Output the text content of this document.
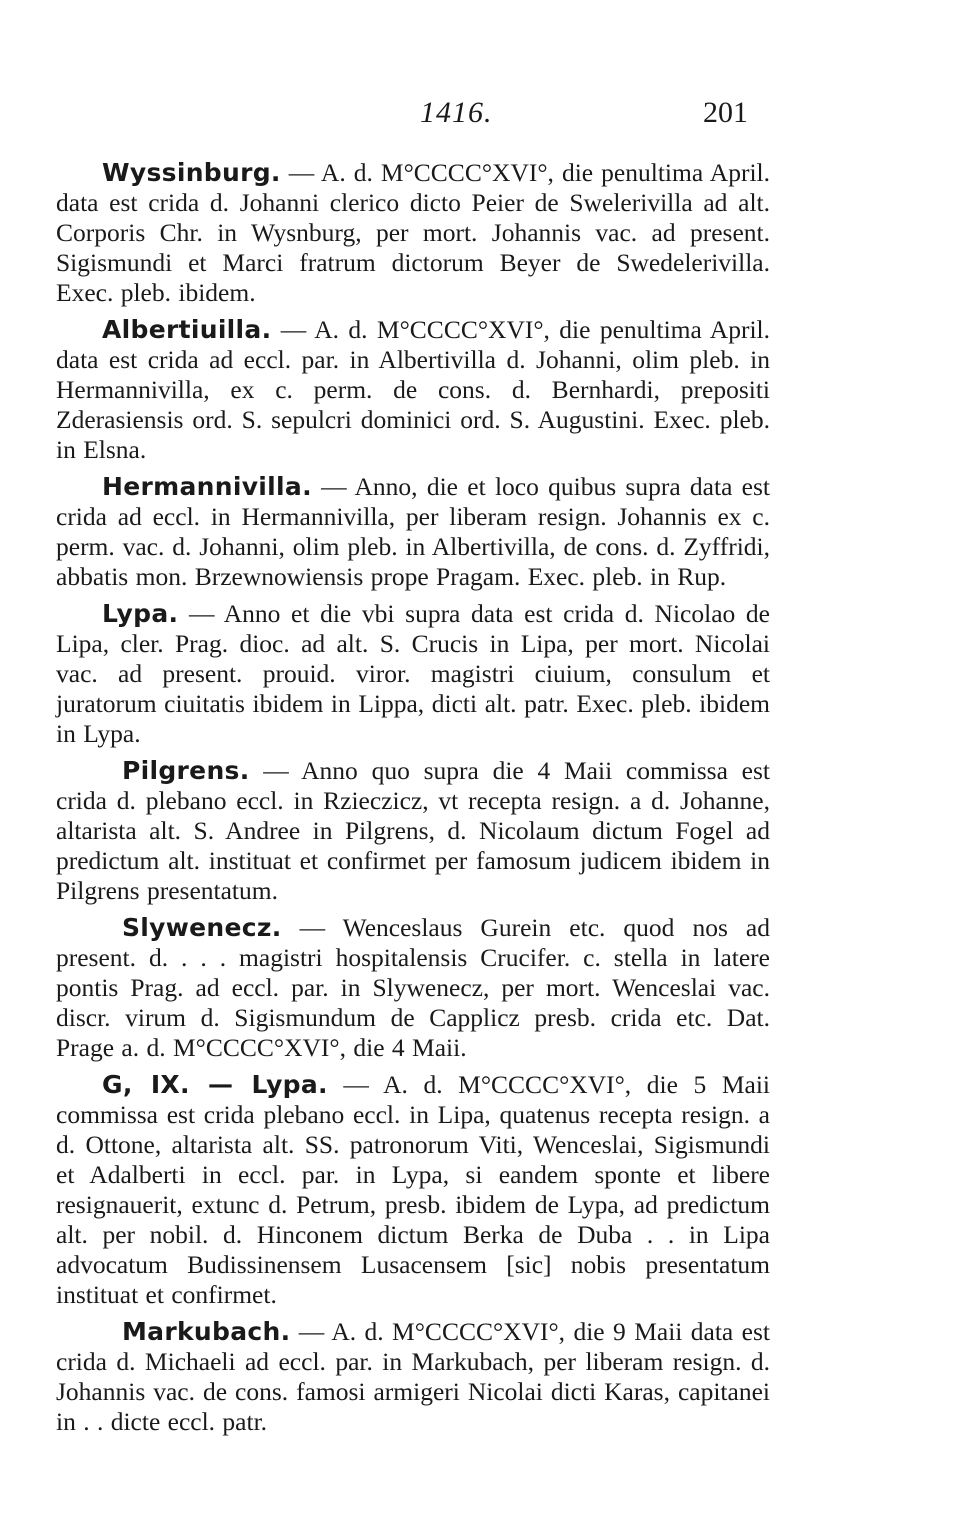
1416.	201

Wyssinburg. — A. d. M°CCCC°XVI°, die penultima April. data est crida d. Johanni clerico dicto Peier de Swelerivilla ad alt. Corporis Chr. in Wysnburg, per mort. Johannis vac. ad present. Sigismundi et Marci fratrum dictorum Beyer de Swedelerivilla. Exec. pleb. ibidem.

Albertiuilla. — A. d. M°CCCC°XVI°, die penultima April. data est crida ad eccl. par. in Albertivilla d. Johanni, olim pleb. in Hermannivilla, ex c. perm. de cons. d. Bernhardi, prepositi Zderasiensis ord. S. sepulcri dominici ord. S. Augustini. Exec. pleb. in Elsna.

Hermannivilla. — Anno, die et loco quibus supra data est crida ad eccl. in Hermannivilla, per liberam resign. Johannis ex c. perm. vac. d. Johanni, olim pleb. in Albertivilla, de cons. d. Zyffridi, abbatis mon. Brzewnowiensis prope Pragam. Exec. pleb. in Rup.

Lypa. — Anno et die vbi supra data est crida d. Nicolao de Lipa, cler. Prag. dioc. ad alt. S. Crucis in Lipa, per mort. Nicolai vac. ad present. prouid. viror. magistri ciuium, consulum et juratorum ciuitatis ibidem in Lippa, dicti alt. patr. Exec. pleb. ibidem in Lypa.

Pilgrens. — Anno quo supra die 4 Maii commissa est crida d. plebano eccl. in Rzieczicz, vt recepta resign. a d. Johanne, altarista alt. S. Andree in Pilgrens, d. Nicolaum dictum Fogel ad predictum alt. instituat et confirmet per famosum judicem ibidem in Pilgrens presentatum.

Slywenecz. — Wenceslaus Gurein etc. quod nos ad present. d. . . . magistri hospitalensis Crucifer. c. stella in latere pontis Prag. ad eccl. par. in Slywenecz, per mort. Wenceslai vac. discr. virum d. Sigismundum de Capplicz presb. crida etc. Dat. Prage a. d. M°CCCC°XVI°, die 4 Maii.

G, IX. — Lypa. — A. d. M°CCCC°XVI°, die 5 Maii commissa est crida plebano eccl. in Lipa, quatenus recepta resign. a d. Ottone, altarista alt. SS. patronorum Viti, Wenceslai, Sigismundi et Adalberti in eccl. par. in Lypa, si eandem sponte et libere resignauerit, extunc d. Petrum, presb. ibidem de Lypa, ad predictum alt. per nobil. d. Hinconem dictum Berka de Duba . . in Lipa advocatum Budissinensem Lusacensem [sic] nobis presentatum instituat et confirmet.

Markubach. — A. d. M°CCCC°XVI°, die 9 Maii data est crida d. Michaeli ad eccl. par. in Markubach, per liberam resign. d. Johannis vac. de cons. famosi armigeri Nicolai dicti Karas, capitanei in . . dicte eccl. patr.
